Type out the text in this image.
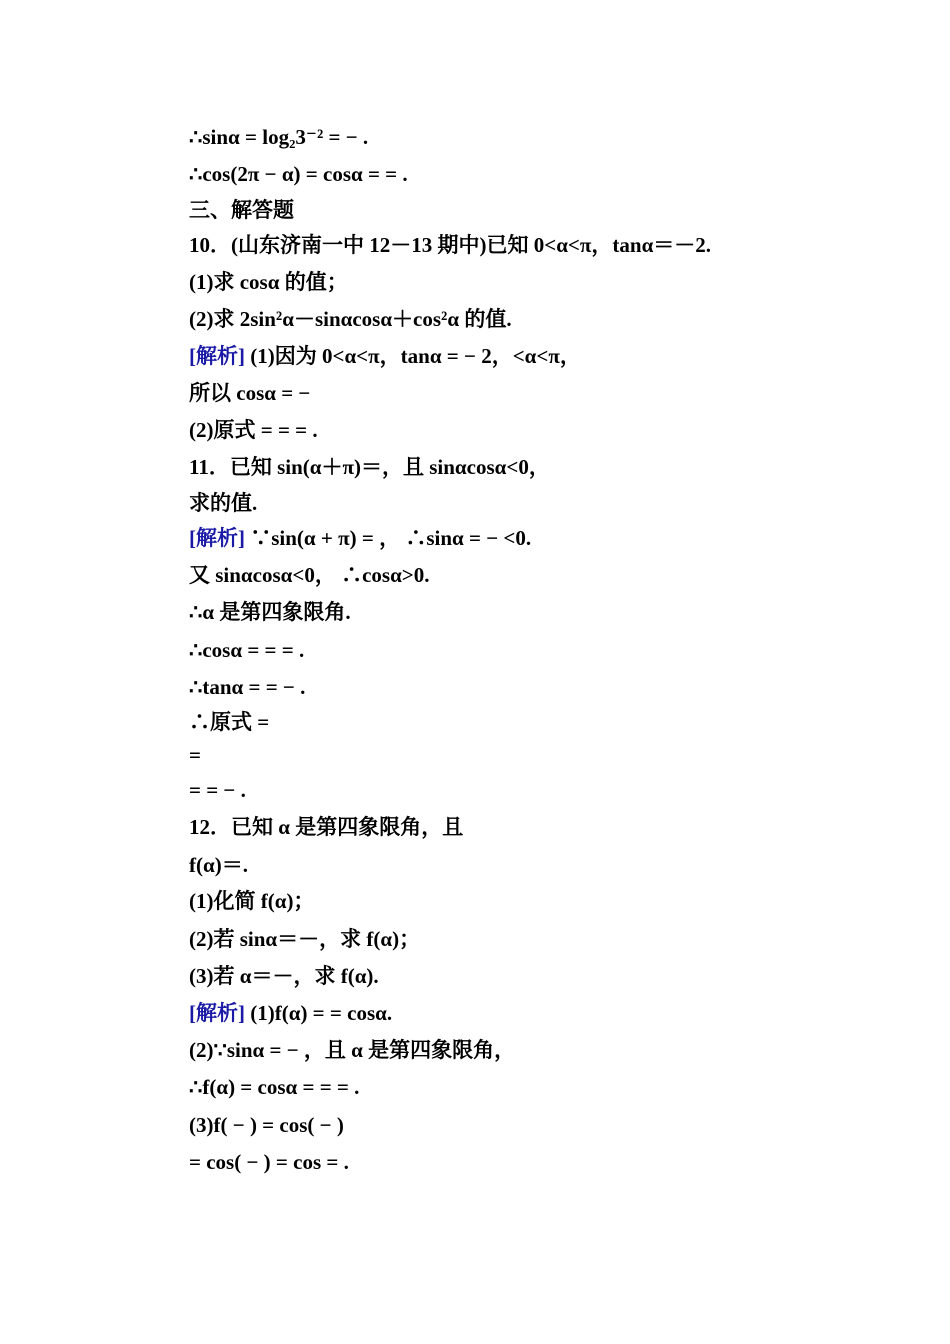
∴sinα = log₂3⁻² = − .
∴cos(2π − α) = cosα = = .
三、解答题
10．(山东济南一中 12－13 期中)已知 0<α<π，tanα＝－2.
(1)求 cosα 的值；
(2)求 2sin²α－sinαcosα＋cos²α 的值.
[解析] (1)因为 0<α<π，tanα = − 2，<α<π，
所以 cosα = −
(2)原式 = = = .
11．已知 sin(α＋π)＝，且 sinαcosα<0，
求的值.
[解析] ∵sin(α + π) = ， ∴sinα = − <0.
又 sinαcosα<0， ∴cosα>0.
∴α 是第四象限角.
∴cosα = = = .
∴tanα = = − .
∴原式 =
=
= = − .
12．已知 α 是第四象限角，且
f(α)＝.
(1)化简 f(α)；
(2)若 sinα＝－，求 f(α)；
(3)若 α＝－，求 f(α).
[解析] (1)f(α) = = cosα.
(2)∵sinα = − ，且 α 是第四象限角，
∴f(α) = cosα = = = .
(3)f( − ) = cos( − )
= cos( − ) = cos = .
